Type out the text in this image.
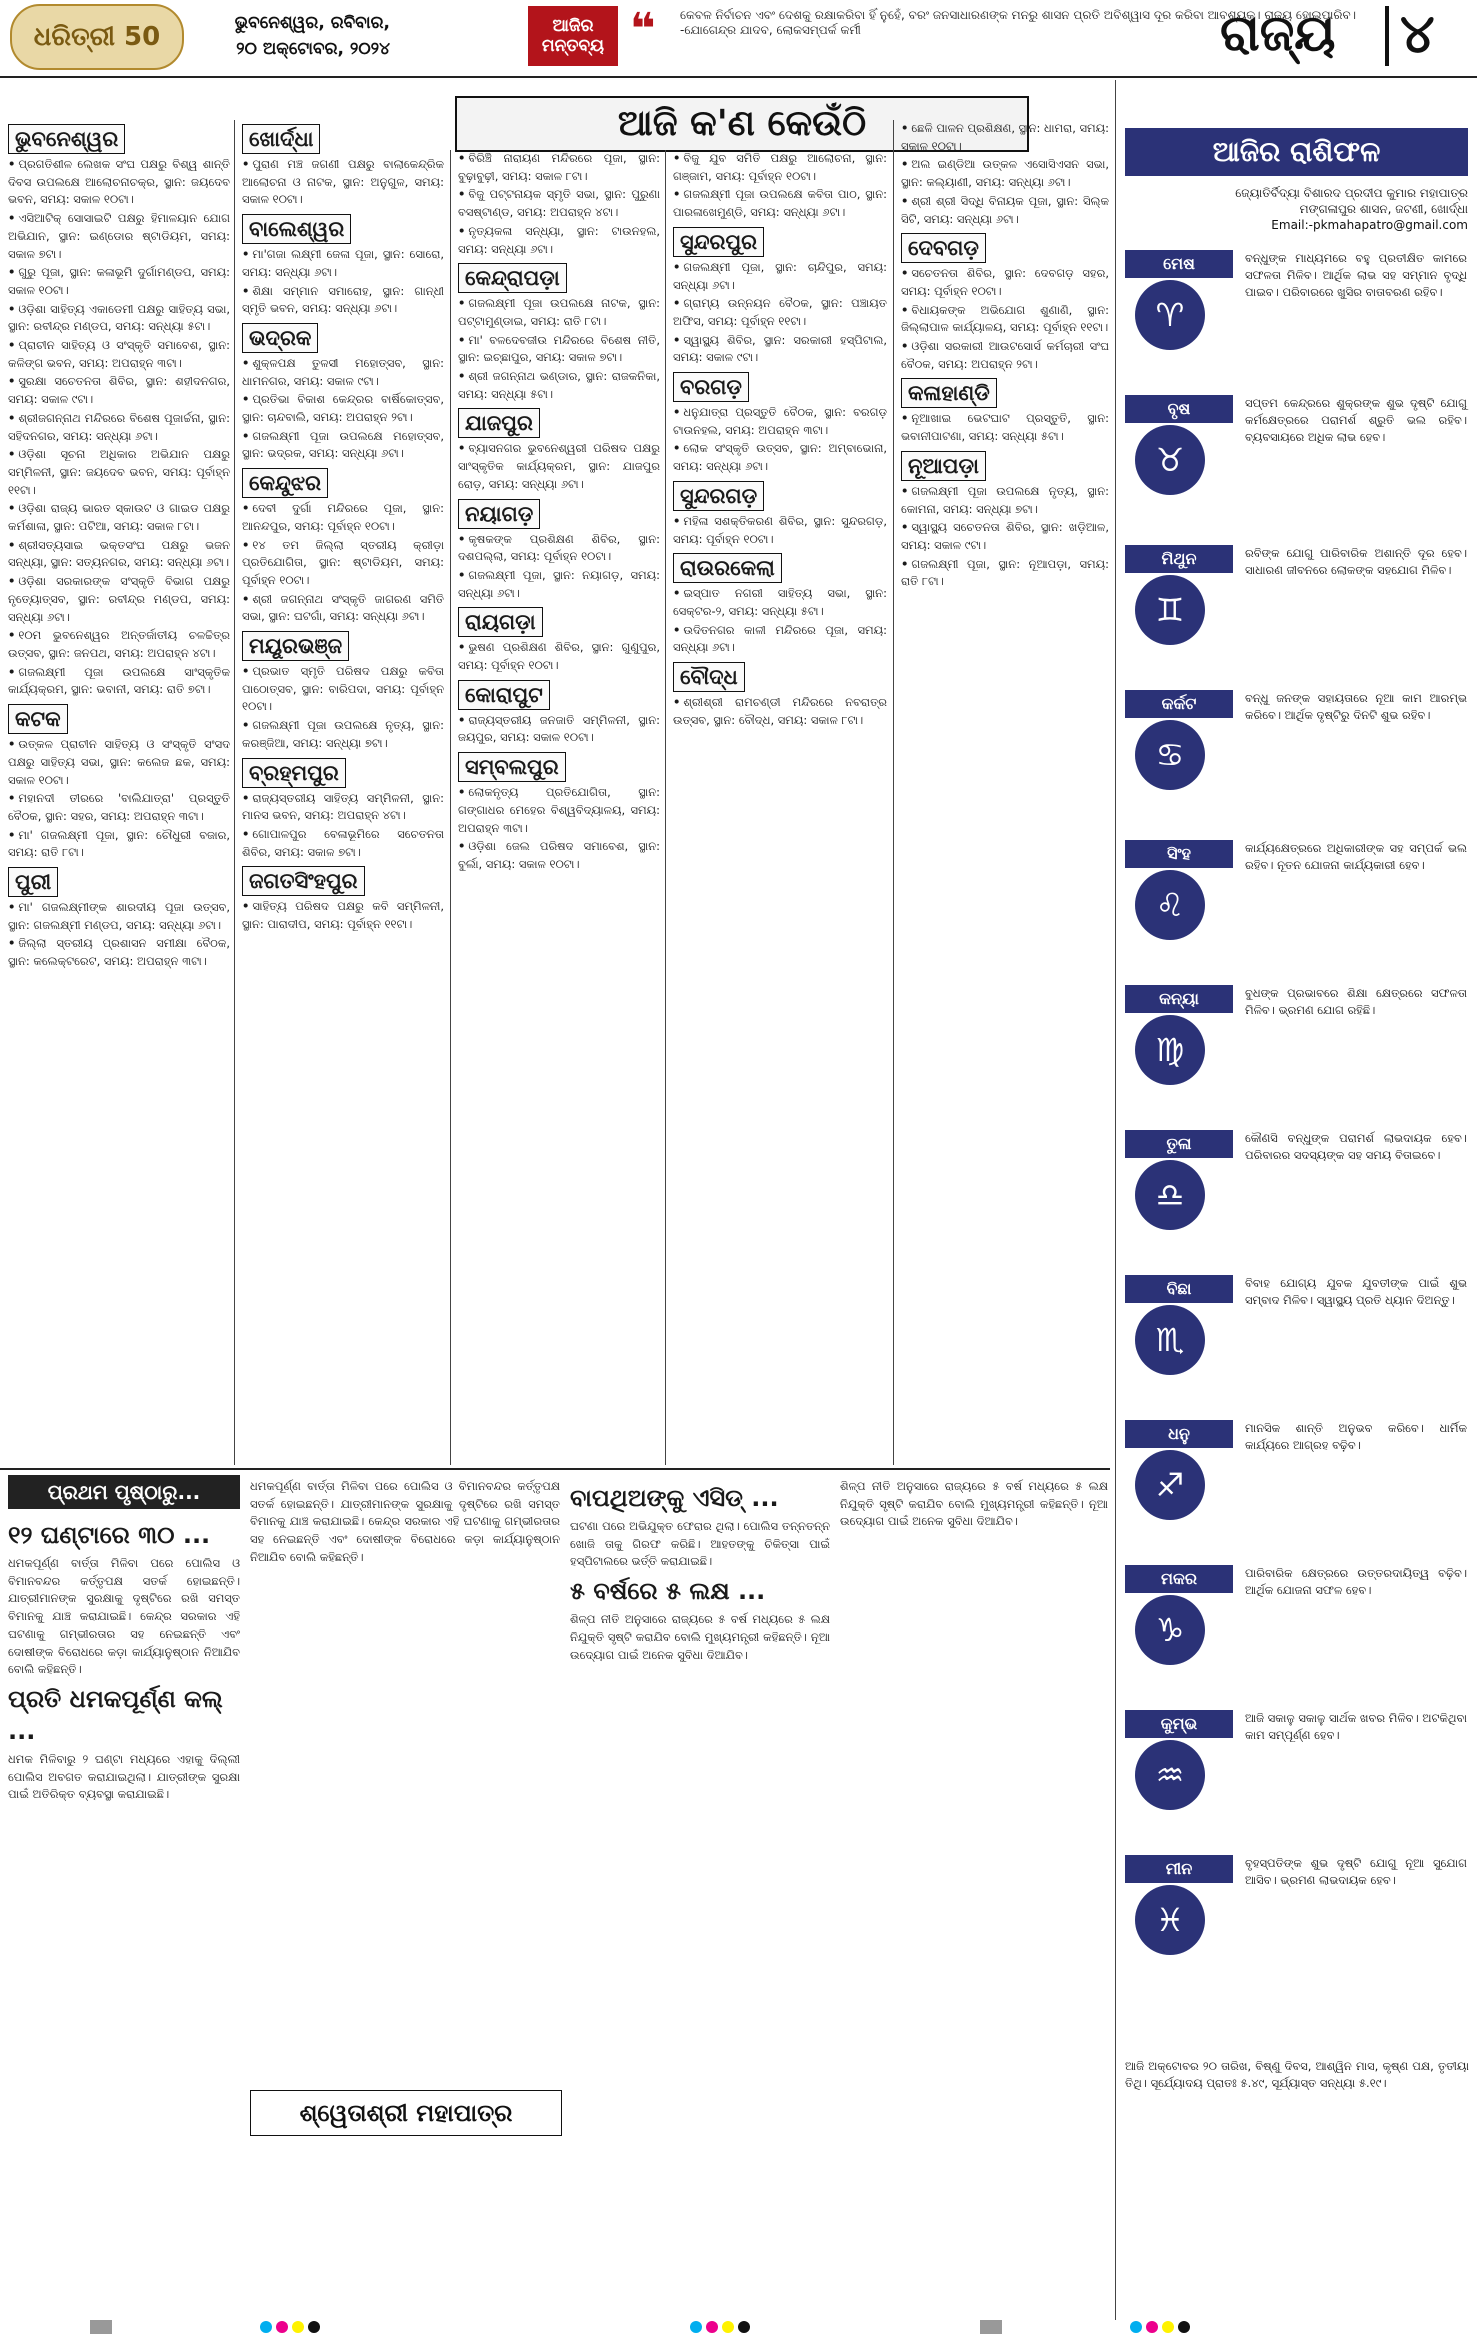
ଧରିତ୍ରୀ 50	ଭୁବନେଶ୍ୱର, ରବିବାର,
୨୦ ଅକ୍ଟୋବର, ୨୦୨୪
ଆଜିର
ମନ୍ତବ୍ୟ ❝ କେବଳ ନିର୍ବାଚନ ଏବଂ ଦେଶକୁ ରକ୍ଷାକରିବା ହିଁ ନୁହେଁ, ବରଂ ଜନସାଧାରଣଙ୍କ ମନରୁ ଶାସନ ପ୍ରତି ଅବିଶ୍ୱାସ ଦୂର କରିବା ଆବଶ୍ୟକ। ରାଜ୍ୟ ହୋଇପାରିବ। -ଯୋଗେନ୍ଦ୍ର ଯାଦବ, ଲୋକସମ୍ପର୍କ କର୍ମୀ	ରାଜ୍ୟ ୪
ଆଜି କ'ଣ କେଉଁଠି
ଭୁବନେଶ୍ୱର
• ପ୍ରଗତିଶୀଳ ଲେଖକ ସଂଘ ପକ୍ଷରୁ ବିଶ୍ୱ ଶାନ୍ତି ଦିବସ ଉପଲକ୍ଷେ ଆଲୋଚନାଚକ୍ର, ସ୍ଥାନ: ଜୟଦେବ ଭବନ, ସମୟ: ସକାଳ ୧୦ଟା।
• ଏସିଆଟିକ୍ ସୋସାଇଟି ପକ୍ଷରୁ ହିମାଳୟାନ ଯୋଗ ଅଭିଯାନ, ସ୍ଥାନ: ଇଣ୍ଡୋର ଷ୍ଟାଡିୟମ, ସମୟ: ସକାଳ ୭ଟା।
• ଗୁରୁ ପୂଜା, ସ୍ଥାନ: କଳାଭୂମି ଦୁର୍ଗାମଣ୍ଡପ, ସମୟ: ସକାଳ ୧୦ଟା।
• ଓଡ଼ିଶା ସାହିତ୍ୟ ଏକାଡେମୀ ପକ୍ଷରୁ ସାହିତ୍ୟ ସଭା, ସ୍ଥାନ: ରବୀନ୍ଦ୍ର ମଣ୍ଡପ, ସମୟ: ସନ୍ଧ୍ୟା ୫ଟା।
• ପ୍ରାଚୀନ ସାହିତ୍ୟ ଓ ସଂସ୍କୃତି ସମାବେଶ, ସ୍ଥାନ: କଳିଙ୍ଗ ଭବନ, ସମୟ: ଅପରାହ୍ନ ୩ଟା।
• ସୁରକ୍ଷା ସଚେତନତା ଶିବିର, ସ୍ଥାନ: ଶହୀଦନଗର, ସମୟ: ସକାଳ ୯ଟା।
• ଶ୍ରୀଜଗନ୍ନାଥ ମନ୍ଦିରରେ ବିଶେଷ ପୂଜାର୍ଚ୍ଚନା, ସ୍ଥାନ: ସହିଦନଗର, ସମୟ: ସନ୍ଧ୍ୟା ୬ଟା।
• ଓଡ଼ିଶା ସୂଚନା ଅଧିକାର ଅଭିଯାନ ପକ୍ଷରୁ ସମ୍ମିଳନୀ, ସ୍ଥାନ: ଜୟଦେବ ଭବନ, ସମୟ: ପୂର୍ବାହ୍ନ ୧୧ଟା।
• ଓଡ଼ିଶା ରାଜ୍ୟ ଭାରତ ସ୍କାଉଟ ଓ ଗାଇଡ ପକ୍ଷରୁ କର୍ମଶାଳା, ସ୍ଥାନ: ପଟିଆ, ସମୟ: ସକାଳ ୮ଟା।
• ଶ୍ରୀସତ୍ୟସାଇ ଭକ୍ତସଂଘ ପକ୍ଷରୁ ଭଜନ ସନ୍ଧ୍ୟା, ସ୍ଥାନ: ସତ୍ୟନଗର, ସମୟ: ସନ୍ଧ୍ୟା ୬ଟା।
• ଓଡ଼ିଶା ସରକାରଙ୍କ ସଂସ୍କୃତି ବିଭାଗ ପକ୍ଷରୁ ନୃତ୍ୟୋତ୍ସବ, ସ୍ଥାନ: ରବୀନ୍ଦ୍ର ମଣ୍ଡପ, ସମୟ: ସନ୍ଧ୍ୟା ୬ଟା।
• ୧୦ମ ଭୁବନେଶ୍ୱର ଅନ୍ତର୍ଜାତୀୟ ଚଳଚ୍ଚିତ୍ର ଉତ୍ସବ, ସ୍ଥାନ: ଜନପଥ, ସମୟ: ଅପରାହ୍ନ ୪ଟା।
• ଗଜଲକ୍ଷ୍ମୀ ପୂଜା ଉପଲକ୍ଷେ ସାଂସ୍କୃତିକ କାର୍ଯ୍ୟକ୍ରମ, ସ୍ଥାନ: ଭବାନୀ, ସମୟ: ରାତି ୭ଟା।
କଟକ
• ଉତ୍କଳ ପ୍ରାଚୀନ ସାହିତ୍ୟ ଓ ସଂସ୍କୃତି ସଂସଦ ପକ୍ଷରୁ ସାହିତ୍ୟ ସଭା, ସ୍ଥାନ: କଲେଜ ଛକ, ସମୟ: ସକାଳ ୧୦ଟା।
• ମହାନଦୀ ତୀରରେ 'ବାଲିଯାତ୍ରା' ପ୍ରସ୍ତୁତି ବୈଠକ, ସ୍ଥାନ: ସହର, ସମୟ: ଅପରାହ୍ନ ୩ଟା।
• ମା' ଗଜଲକ୍ଷ୍ମୀ ପୂଜା, ସ୍ଥାନ: ଚୌଧୁରୀ ବଜାର, ସମୟ: ରାତି ୮ଟା।
ପୁରୀ
• ମା' ଗଜଲକ୍ଷ୍ମୀଙ୍କ ଶାରଦୀୟ ପୂଜା ଉତ୍ସବ, ସ୍ଥାନ: ଗଜଲକ୍ଷ୍ମୀ ମଣ୍ଡପ, ସମୟ: ସନ୍ଧ୍ୟା ୬ଟା।
• ଜିଲ୍ଲା ସ୍ତରୀୟ ପ୍ରଶାସନ ସମୀକ୍ଷା ବୈଠକ, ସ୍ଥାନ: କଲେକ୍ଟରେଟ, ସମୟ: ଅପରାହ୍ନ ୩ଟା।
ଖୋର୍ଦ୍ଧା
• ପୁରାଣ ମଞ୍ଚ ଜଗଣୀ ପକ୍ଷରୁ ବାଲାକେନ୍ଦ୍ରିକ ଆଲୋଚନା ଓ ନାଟକ, ସ୍ଥାନ: ଅନୁଗୁଳ, ସମୟ: ସକାଳ ୧୦ଟା।
ବାଲେଶ୍ୱର
• ମା'ଗଜା ଲକ୍ଷ୍ମୀ ଜେଳା ପୂଜା, ସ୍ଥାନ: ସୋରୋ, ସମୟ: ସନ୍ଧ୍ୟା ୬ଟା।
• ଶିକ୍ଷା ସମ୍ମାନ ସମାରୋହ, ସ୍ଥାନ: ଗାନ୍ଧୀ ସ୍ମୃତି ଭବନ, ସମୟ: ସନ୍ଧ୍ୟା ୬ଟା।
ଭଦ୍ରକ
• ଶୁକ୍ଳପକ୍ଷ ତୁଳସୀ ମହୋତ୍ସବ, ସ୍ଥାନ: ଧାମନଗର, ସମୟ: ସକାଳ ୯ଟା।
• ପ୍ରତିଭା ବିକାଶ କେନ୍ଦ୍ରର ବାର୍ଷିକୋତ୍ସବ, ସ୍ଥାନ: ଚାନ୍ଦବାଲି, ସମୟ: ଅପରାହ୍ନ ୨ଟା।
• ଗଜଲକ୍ଷ୍ମୀ ପୂଜା ଉପଲକ୍ଷେ ମହୋତ୍ସବ, ସ୍ଥାନ: ଭଦ୍ରକ, ସମୟ: ସନ୍ଧ୍ୟା ୬ଟା।
କେନ୍ଦୁଝର
• ଦେବୀ ଦୁର୍ଗା ମନ୍ଦିରରେ ପୂଜା, ସ୍ଥାନ: ଆନନ୍ଦପୁର, ସମୟ: ପୂର୍ବାହ୍ନ ୧୦ଟା।
• ୧୪ ତମ ଜିଲ୍ଲା ସ୍ତରୀୟ କ୍ରୀଡ଼ା ପ୍ରତିଯୋଗିତା, ସ୍ଥାନ: ଷ୍ଟାଡିୟମ, ସମୟ: ପୂର୍ବାହ୍ନ ୧୦ଟା।
• ଶ୍ରୀ ଜଗନ୍ନାଥ ସଂସ୍କୃତି ଜାଗରଣ ସମିତି ସଭା, ସ୍ଥାନ: ଘଟଗାଁ, ସମୟ: ସନ୍ଧ୍ୟା ୬ଟା।
ମୟୂରଭଞ୍ଜ
• ପ୍ରଭାତ ସ୍ମୃତି ପରିଷଦ ପକ୍ଷରୁ କବିତା ପାଠୋତ୍ସବ, ସ୍ଥାନ: ବାରିପଦା, ସମୟ: ପୂର୍ବାହ୍ନ ୧୦ଟା।
• ଗଜଲକ୍ଷ୍ମୀ ପୂଜା ଉପଲକ୍ଷେ ନୃତ୍ୟ, ସ୍ଥାନ: କରଞ୍ଜିଆ, ସମୟ: ସନ୍ଧ୍ୟା ୭ଟା।
ବ୍ରହ୍ମପୁର
• ରାଜ୍ୟସ୍ତରୀୟ ସାହିତ୍ୟ ସମ୍ମିଳନୀ, ସ୍ଥାନ: ମାନସ ଭବନ, ସମୟ: ଅପରାହ୍ନ ୪ଟା।
• ଗୋପାଳପୁର ବେଳାଭୂମିରେ ସଚେତନତା ଶିବିର, ସମୟ: ସକାଳ ୭ଟା।
ଜଗତସିଂହପୁର
• ସାହିତ୍ୟ ପରିଷଦ ପକ୍ଷରୁ କବି ସମ୍ମିଳନୀ, ସ୍ଥାନ: ପାରାଦୀପ, ସମୟ: ପୂର୍ବାହ୍ନ ୧୧ଟା।
• ବିରିଞ୍ଚି ନାରାୟଣ ମନ୍ଦିରରେ ପୂଜା, ସ୍ଥାନ: ବୁଢ଼ାବୁଢ଼ୀ, ସମୟ: ସକାଳ ୮ଟା।
• ବିଜୁ ପଟ୍ଟନାୟକ ସ୍ମୃତି ସଭା, ସ୍ଥାନ: ପୁରୁଣା ବସଷ୍ଟାଣ୍ଡ, ସମୟ: ଅପରାହ୍ନ ୪ଟା।
• ନୃତ୍ୟକଳା ସନ୍ଧ୍ୟା, ସ୍ଥାନ: ଟାଉନହଲ, ସମୟ: ସନ୍ଧ୍ୟା ୬ଟା।
କେନ୍ଦ୍ରାପଡ଼ା
• ଗଜଲକ୍ଷ୍ମୀ ପୂଜା ଉପଲକ୍ଷେ ନାଟକ, ସ୍ଥାନ: ପଟ୍ଟାମୁଣ୍ଡାଇ, ସମୟ: ରାତି ୮ଟା।
• ମା' ବଳଦେବଜୀଉ ମନ୍ଦିରରେ ବିଶେଷ ନୀତି, ସ୍ଥାନ: ଇଚ୍ଛାପୁର, ସମୟ: ସକାଳ ୭ଟା।
• ଶ୍ରୀ ଜଗନ୍ନାଥ ଭଣ୍ଡାର, ସ୍ଥାନ: ରାଜକନିକା, ସମୟ: ସନ୍ଧ୍ୟା ୫ଟା।
ଯାଜପୁର
• ବ୍ୟାସନଗର ଭୁବନେଶ୍ୱରୀ ପରିଷଦ ପକ୍ଷରୁ ସାଂସ୍କୃତିକ କାର୍ଯ୍ୟକ୍ରମ, ସ୍ଥାନ: ଯାଜପୁର ରୋଡ଼, ସମୟ: ସନ୍ଧ୍ୟା ୬ଟା।
ନୟାଗଡ଼
• କୃଷକଙ୍କ ପ୍ରଶିକ୍ଷଣ ଶିବିର, ସ୍ଥାନ: ଦଶପଲ୍ଲା, ସମୟ: ପୂର୍ବାହ୍ନ ୧୦ଟା।
• ଗଜଲକ୍ଷ୍ମୀ ପୂଜା, ସ୍ଥାନ: ନୟାଗଡ଼, ସମୟ: ସନ୍ଧ୍ୟା ୬ଟା।
ରାୟଗଡ଼ା
• ଭୁଷଣ ପ୍ରଶିକ୍ଷଣ ଶିବିର, ସ୍ଥାନ: ଗୁଣୁପୁର, ସମୟ: ପୂର୍ବାହ୍ନ ୧୦ଟା।
କୋରାପୁଟ
• ରାଜ୍ୟସ୍ତରୀୟ ଜନଜାତି ସମ୍ମିଳନୀ, ସ୍ଥାନ: ଜୟପୁର, ସମୟ: ସକାଳ ୧୦ଟା।
ସମ୍ବଲପୁର
• ଲୋକନୃତ୍ୟ ପ୍ରତିଯୋଗିତା, ସ୍ଥାନ: ଗଙ୍ଗାଧର ମେହେର ବିଶ୍ୱବିଦ୍ୟାଳୟ, ସମୟ: ଅପରାହ୍ନ ୩ଟା।
• ଓଡ଼ିଶା ଜେଲ ପରିଷଦ ସମାବେଶ, ସ୍ଥାନ: ବୁର୍ଲା, ସମୟ: ସକାଳ ୧୦ଟା।
• ବିଜୁ ଯୁବ ସମିତି ପକ୍ଷରୁ ଆଲୋଚନା, ସ୍ଥାନ: ଗଞ୍ଜାମ, ସମୟ: ପୂର୍ବାହ୍ନ ୧୦ଟା।
• ଗଜଲକ୍ଷ୍ମୀ ପୂଜା ଉପଲକ୍ଷେ କବିତା ପାଠ, ସ୍ଥାନ: ପାରଳାଖେମୁଣ୍ଡି, ସମୟ: ସନ୍ଧ୍ୟା ୬ଟା।
ସୁନ୍ଦରପୁର
• ଗଜଲକ୍ଷ୍ମୀ ପୂଜା, ସ୍ଥାନ: ଚାନ୍ଦିପୁର, ସମୟ: ସନ୍ଧ୍ୟା ୬ଟା।
• ଗ୍ରାମ୍ୟ ଉନ୍ନୟନ ବୈଠକ, ସ୍ଥାନ: ପଞ୍ଚାୟତ ଅଫିସ, ସମୟ: ପୂର୍ବାହ୍ନ ୧୧ଟା।
• ସ୍ୱାସ୍ଥ୍ୟ ଶିବିର, ସ୍ଥାନ: ସରକାରୀ ହସ୍ପିଟାଲ, ସମୟ: ସକାଳ ୯ଟା।
ବରଗଡ଼
• ଧନୁଯାତ୍ରା ପ୍ରସ୍ତୁତି ବୈଠକ, ସ୍ଥାନ: ବରଗଡ଼ ଟାଉନହଲ, ସମୟ: ଅପରାହ୍ନ ୩ଟା।
• ଲୋକ ସଂସ୍କୃତି ଉତ୍ସବ, ସ୍ଥାନ: ଅମ୍ବାଭୋନା, ସମୟ: ସନ୍ଧ୍ୟା ୬ଟା।
ସୁନ୍ଦରଗଡ଼
• ମହିଳା ସଶକ୍ତିକରଣ ଶିବିର, ସ୍ଥାନ: ସୁନ୍ଦରଗଡ଼, ସମୟ: ପୂର୍ବାହ୍ନ ୧୦ଟା।
ରାଉରକେଲା
• ଇସ୍ପାତ ନଗରୀ ସାହିତ୍ୟ ସଭା, ସ୍ଥାନ: ସେକ୍ଟର-୨, ସମୟ: ସନ୍ଧ୍ୟା ୫ଟା।
• ଉଦିତନଗର କାଳୀ ମନ୍ଦିରରେ ପୂଜା, ସମୟ: ସନ୍ଧ୍ୟା ୬ଟା।
ବୌଦ୍ଧ
• ଶ୍ରୀଶ୍ରୀ ରାମଚଣ୍ଡୀ ମନ୍ଦିରରେ ନବରାତ୍ର ଉତ୍ସବ, ସ୍ଥାନ: ବୌଦ୍ଧ, ସମୟ: ସକାଳ ୮ଟା।
• ଛେଳି ପାଳନ ପ୍ରଶିକ୍ଷଣ, ସ୍ଥାନ: ଧାମରା, ସମୟ: ସକାଳ ୧୦ଟା।
• ଅଲ ଇଣ୍ଡିଆ ଉତ୍କଳ ଏସୋସିଏସନ ସଭା, ସ୍ଥାନ: କଲ୍ୟାଣୀ, ସମୟ: ସନ୍ଧ୍ୟା ୬ଟା।
• ଶ୍ରୀ ଶ୍ରୀ ସିଦ୍ଧି ବିନାୟକ ପୂଜା, ସ୍ଥାନ: ସିଲ୍କ ସିଟି, ସମୟ: ସନ୍ଧ୍ୟା ୬ଟା।
ଦେବଗଡ଼
• ସଚେତନତା ଶିବିର, ସ୍ଥାନ: ଦେବଗଡ଼ ସହର, ସମୟ: ପୂର୍ବାହ୍ନ ୧୦ଟା।
• ବିଧାୟକଙ୍କ ଅଭିଯୋଗ ଶୁଣାଣି, ସ୍ଥାନ: ଜିଲ୍ଲାପାଳ କାର୍ଯ୍ୟାଳୟ, ସମୟ: ପୂର୍ବାହ୍ନ ୧୧ଟା।
• ଓଡ଼ିଶା ସରକାରୀ ଆଉଟସୋର୍ସ କର୍ମଚାରୀ ସଂଘ ବୈଠକ, ସମୟ: ଅପରାହ୍ନ ୨ଟା।
କଳାହାଣ୍ଡି
• ନୂଆଖାଇ ଭେଟଘାଟ ପ୍ରସ୍ତୁତି, ସ୍ଥାନ: ଭବାନୀପାଟଣା, ସମୟ: ସନ୍ଧ୍ୟା ୫ଟା।
ନୂଆପଡ଼ା
• ଗଜଲକ୍ଷ୍ମୀ ପୂଜା ଉପଲକ୍ଷେ ନୃତ୍ୟ, ସ୍ଥାନ: କୋମନା, ସମୟ: ସନ୍ଧ୍ୟା ୭ଟା।
• ସ୍ୱାସ୍ଥ୍ୟ ସଚେତନତା ଶିବିର, ସ୍ଥାନ: ଖଡ଼ିଆଳ, ସମୟ: ସକାଳ ୯ଟା।
• ଗଜଲକ୍ଷ୍ମୀ ପୂଜା, ସ୍ଥାନ: ନୂଆପଡ଼ା, ସମୟ: ରାତି ୮ଟା।
ଆଜିର ରାଶିଫଳ
ଜ୍ୟୋତିର୍ବିଦ୍ୟା ବିଶାରଦ ପ୍ରଦୀପ କୁମାର ମହାପାତ୍ର
ମଙ୍ଗଳାପୁର ଶାସନ, ଜଟଣୀ, ଖୋର୍ଦ୍ଧା
Email:-pkmahapatro@gmail.com
ମେଷ
♈
ବନ୍ଧୁଙ୍କ ମାଧ୍ୟମରେ ବହୁ ପ୍ରତୀକ୍ଷିତ କାମରେ ସଫଳତା ମିଳିବ। ଆର୍ଥିକ ଲାଭ ସହ ସମ୍ମାନ ବୃଦ୍ଧି ପାଇବ। ପରିବାରରେ ଖୁସିର ବାତାବରଣ ରହିବ।
ବୃଷ
♉
ସପ୍ତମ କେନ୍ଦ୍ରରେ ଶୁକ୍ରଙ୍କ ଶୁଭ ଦୃଷ୍ଟି ଯୋଗୁ କର୍ମକ୍ଷେତ୍ରରେ ପରାମର୍ଶ ଶ୍ରୁତି ଭଲ ରହିବ। ବ୍ୟବସାୟରେ ଅଧିକ ଲାଭ ହେବ।
ମିଥୁନ
♊
ରବିଙ୍କ ଯୋଗୁ ପାରିବାରିକ ଅଶାନ୍ତି ଦୂର ହେବ। ସାଧାରଣ ଜୀବନରେ ଲୋକଙ୍କ ସହଯୋଗ ମିଳିବ।
କର୍କଟ
♋
ବନ୍ଧୁ ଜନଙ୍କ ସହାୟତାରେ ନୂଆ କାମ ଆରମ୍ଭ କରିବେ। ଆର୍ଥିକ ଦୃଷ୍ଟିରୁ ଦିନଟି ଶୁଭ ରହିବ।
ସିଂହ
♌
କାର୍ଯ୍ୟକ୍ଷେତ୍ରରେ ଅଧିକାରୀଙ୍କ ସହ ସମ୍ପର୍କ ଭଲ ରହିବ। ନୂତନ ଯୋଜନା କାର୍ଯ୍ୟକାରୀ ହେବ।
କନ୍ୟା
♍
ବୁଧଙ୍କ ପ୍ରଭାବରେ ଶିକ୍ଷା କ୍ଷେତ୍ରରେ ସଫଳତା ମିଳିବ। ଭ୍ରମଣ ଯୋଗ ରହିଛି।
ତୁଳା
♎
କୌଣସି ବନ୍ଧୁଙ୍କ ପରାମର୍ଶ ଲାଭଦାୟକ ହେବ। ପରିବାରର ସଦସ୍ୟଙ୍କ ସହ ସମୟ ବିତାଇବେ।
ବିଛା
♏
ବିବାହ ଯୋଗ୍ୟ ଯୁବକ ଯୁବତୀଙ୍କ ପାଇଁ ଶୁଭ ସମ୍ବାଦ ମିଳିବ। ସ୍ୱାସ୍ଥ୍ୟ ପ୍ରତି ଧ୍ୟାନ ଦିଅନ୍ତୁ।
ଧନୁ
♐
ମାନସିକ ଶାନ୍ତି ଅନୁଭବ କରିବେ। ଧାର୍ମିକ କାର୍ଯ୍ୟରେ ଆଗ୍ରହ ବଢ଼ିବ।
ମକର
♑
ପାରିବାରିକ କ୍ଷେତ୍ରରେ ଉତ୍ତରଦାୟିତ୍ୱ ବଢ଼ିବ। ଆର୍ଥିକ ଯୋଜନା ସଫଳ ହେବ।
କୁମ୍ଭ
♒
ଆଜି ସକାଳୁ ସକାଳୁ ସାର୍ଥକ ଖବର ମିଳିବ। ଅଟକିଥିବା କାମ ସମ୍ପୂର୍ଣ୍ଣ ହେବ।
ମୀନ
♓
ବୃହସ୍ପତିଙ୍କ ଶୁଭ ଦୃଷ୍ଟି ଯୋଗୁ ନୂଆ ସୁଯୋଗ ଆସିବ। ଭ୍ରମଣ ଲାଭଦାୟକ ହେବ।
ଆଜି ଅକ୍ଟୋବର ୨୦ ତାରିଖ, ବିଷ୍ଣୁ ଦିବସ, ଆଶ୍ୱିନ ମାସ, କୃଷ୍ଣ ପକ୍ଷ, ତୃତୀୟା ତିଥି। ସୂର୍ଯ୍ୟୋଦୟ ପ୍ରାତଃ ୫.୪୯, ସୂର୍ଯ୍ୟାସ୍ତ ସନ୍ଧ୍ୟା ୫.୧୯।
ପ୍ରଥମ ପୃଷ୍ଠାରୁ...
୧୨ ଘଣ୍ଟାରେ ୩୦ ...
ଧମକପୂର୍ଣ୍ଣ ବାର୍ତ୍ତା ମିଳିବା ପରେ ପୋଲିସ ଓ ବିମାନବନ୍ଦର କର୍ତ୍ତୃପକ୍ଷ ସତର୍କ ହୋଇଛନ୍ତି। ଯାତ୍ରୀମାନଙ୍କ ସୁରକ୍ଷାକୁ ଦୃଷ୍ଟିରେ ରଖି ସମସ୍ତ ବିମାନକୁ ଯାଞ୍ଚ କରାଯାଇଛି। କେନ୍ଦ୍ର ସରକାର ଏହି ଘଟଣାକୁ ଗମ୍ଭୀରତାର ସହ ନେଇଛନ୍ତି ଏବଂ ଦୋଷୀଙ୍କ ବିରୋଧରେ କଡ଼ା କାର୍ଯ୍ୟାନୁଷ୍ଠାନ ନିଆଯିବ ବୋଲି କହିଛନ୍ତି।
ପ୍ରତି ଧମକପୂର୍ଣ୍ଣ କଲ୍ ...
ଧମକ ମିଳିବାରୁ ୨ ଘଣ୍ଟା ମଧ୍ୟରେ ଏହାକୁ ଦିଲ୍ଲୀ ପୋଲିସ ଅବଗତ କରାଯାଇଥିଲା। ଯାତ୍ରୀଙ୍କ ସୁରକ୍ଷା ପାଇଁ ଅତିରିକ୍ତ ବ୍ୟବସ୍ଥା କରାଯାଇଛି।
ଧମକପୂର୍ଣ୍ଣ ବାର୍ତ୍ତା ମିଳିବା ପରେ ପୋଲିସ ଓ ବିମାନବନ୍ଦର କର୍ତ୍ତୃପକ୍ଷ ସତର୍କ ହୋଇଛନ୍ତି। ଯାତ୍ରୀମାନଙ୍କ ସୁରକ୍ଷାକୁ ଦୃଷ୍ଟିରେ ରଖି ସମସ୍ତ ବିମାନକୁ ଯାଞ୍ଚ କରାଯାଇଛି। କେନ୍ଦ୍ର ସରକାର ଏହି ଘଟଣାକୁ ଗମ୍ଭୀରତାର ସହ ନେଇଛନ୍ତି ଏବଂ ଦୋଷୀଙ୍କ ବିରୋଧରେ କଡ଼ା କାର୍ଯ୍ୟାନୁଷ୍ଠାନ ନିଆଯିବ ବୋଲି କହିଛନ୍ତି।
ଶ୍ୱେତାଶ୍ରୀ ମହାପାତ୍ର
ବାପଥିଅଙ୍କୁ ଏସିଡ୍ ...
ଘଟଣା ପରେ ଅଭିଯୁକ୍ତ ଫେରାର ଥିଲା। ପୋଲିସ ତନ୍ନତନ୍ନ ଖୋଜି ତାକୁ ଗିରଫ କରିଛି। ଆହତଙ୍କୁ ଚିକିତ୍ସା ପାଇଁ ହସ୍ପିଟାଲରେ ଭର୍ତ୍ତି କରାଯାଇଛି।
୫ ବର୍ଷରେ ୫ ଲକ୍ଷ ...
ଶିଳ୍ପ ନୀତି ଅନୁସାରେ ରାଜ୍ୟରେ ୫ ବର୍ଷ ମଧ୍ୟରେ ୫ ଲକ୍ଷ ନିଯୁକ୍ତି ସୃଷ୍ଟି କରାଯିବ ବୋଲି ମୁଖ୍ୟମନ୍ତ୍ରୀ କହିଛନ୍ତି। ନୂଆ ଉଦ୍ୟୋଗ ପାଇଁ ଅନେକ ସୁବିଧା ଦିଆଯିବ।
ଶିଳ୍ପ ନୀତି ଅନୁସାରେ ରାଜ୍ୟରେ ୫ ବର୍ଷ ମଧ୍ୟରେ ୫ ଲକ୍ଷ ନିଯୁକ୍ତି ସୃଷ୍ଟି କରାଯିବ ବୋଲି ମୁଖ୍ୟମନ୍ତ୍ରୀ କହିଛନ୍ତି। ନୂଆ ଉଦ୍ୟୋଗ ପାଇଁ ଅନେକ ସୁବିଧା ଦିଆଯିବ।
